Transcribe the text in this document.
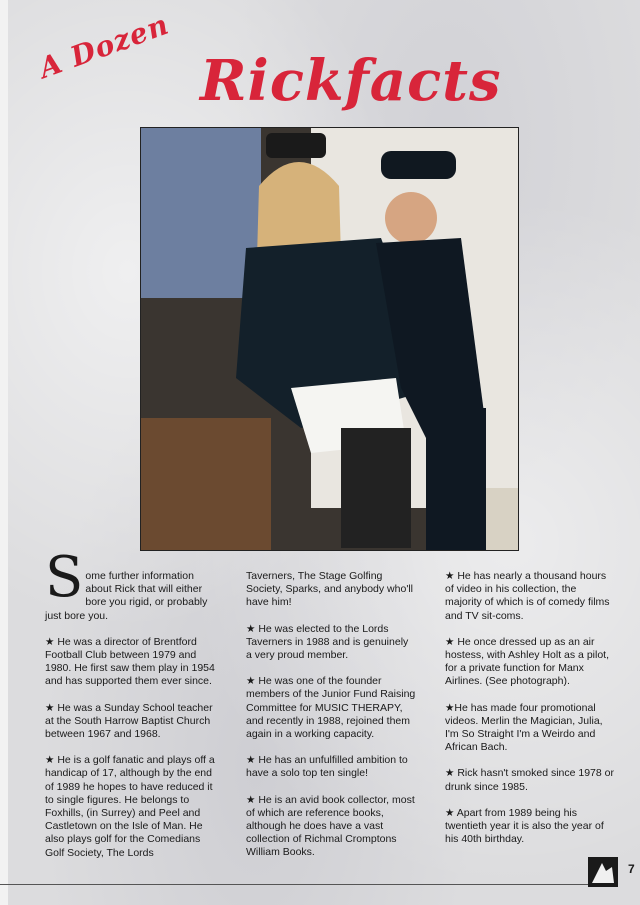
A Dozen Rickfacts

Some further information about Rick that will either bore you rigid, or probably just bore you.

★ He was a director of Brentford Football Club between 1979 and 1980. He first saw them play in 1954 and has supported them ever since.

★ He was a Sunday School teacher at the South Harrow Baptist Church between 1967 and 1968.

★ He is a golf fanatic and plays off a handicap of 17, although by the end of 1989 he hopes to have reduced it to single figures. He belongs to Foxhills, (in Surrey) and Peel and Castletown on the Isle of Man. He also plays golf for the Comedians Golf Society, The Lords

Taverners, The Stage Golfing Society, Sparks, and anybody who'll have him!

★ He was elected to the Lords Taverners in 1988 and is genuinely a very proud member.

★ He was one of the founder members of the Junior Fund Raising Committee for MUSIC THERAPY, and recently in 1988, rejoined them again in a working capacity.

★ He has an unfulfilled ambition to have a solo top ten single!

★ He is an avid book collector, most of which are reference books, although he does have a vast collection of Richmal Cromptons William Books.

★ He has nearly a thousand hours of video in his collection, the majority of which is of comedy films and TV sit-coms.

★ He once dressed up as an air hostess, with Ashley Holt as a pilot, for a private function for Manx Airlines. (See photograph).

★He has made four promotional videos. Merlin the Magician, Julia, I'm So Straight I'm a Weirdo and African Bach.

★ Rick hasn't smoked since 1978 or drunk since 1985.

★ Apart from 1989 being his twentieth year it is also the year of his 40th birthday.

7
